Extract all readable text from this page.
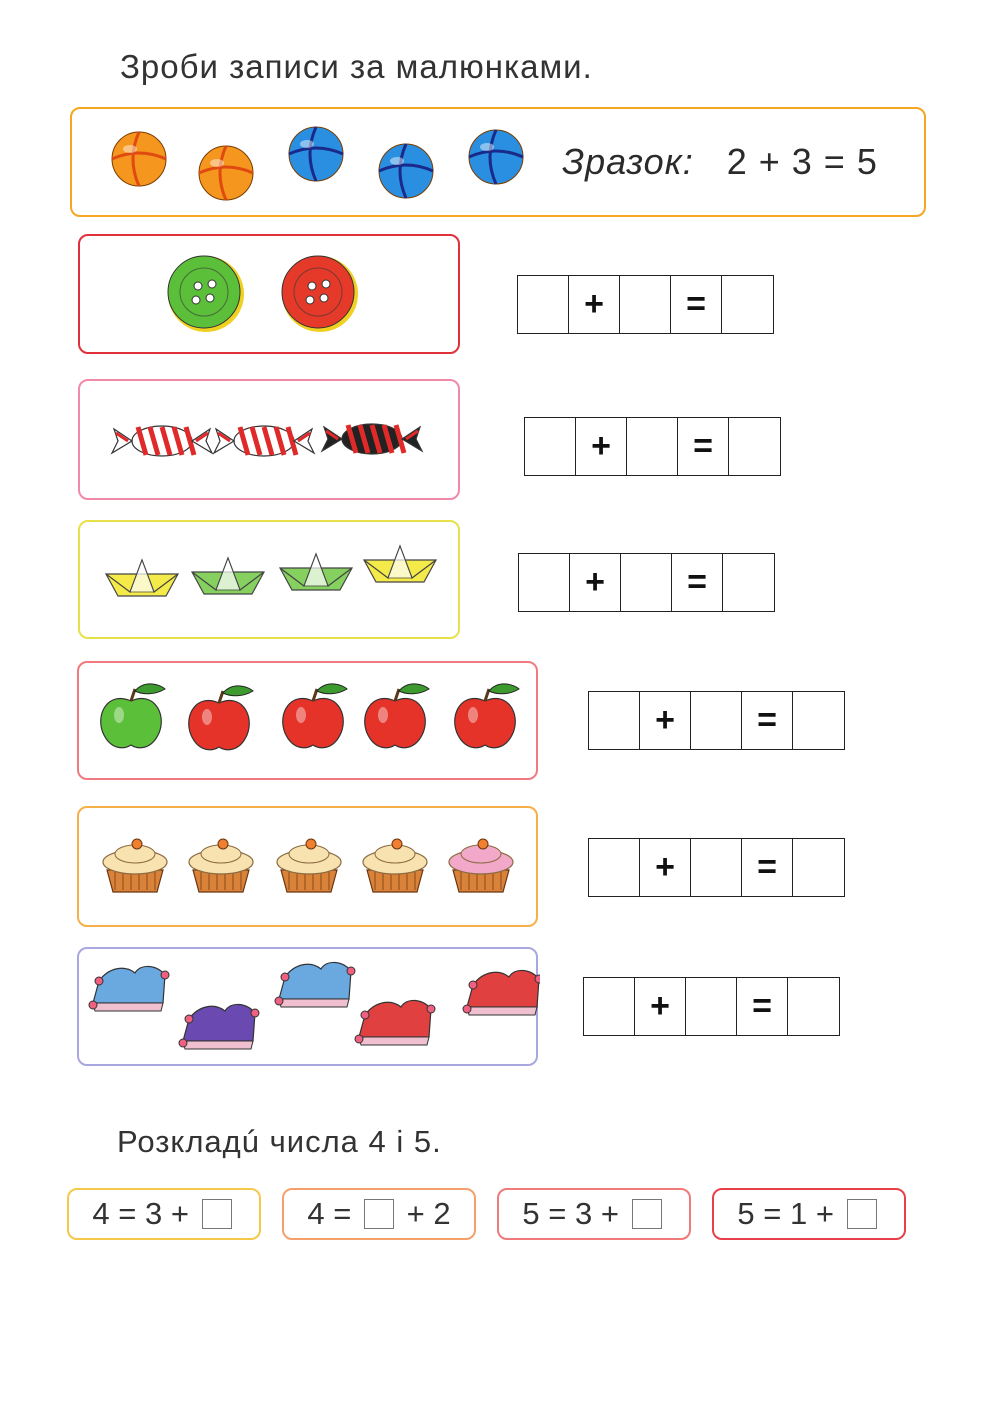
Зроби записи за малюнками.
Зразок: 2 + 3 = 5
+	=
+	=
+	=
+	=
+	=
+	=
Розкладú числа 4 і 5.
4 = 3 +	4 = + 2 5 = 3 +	5 = 1 +
